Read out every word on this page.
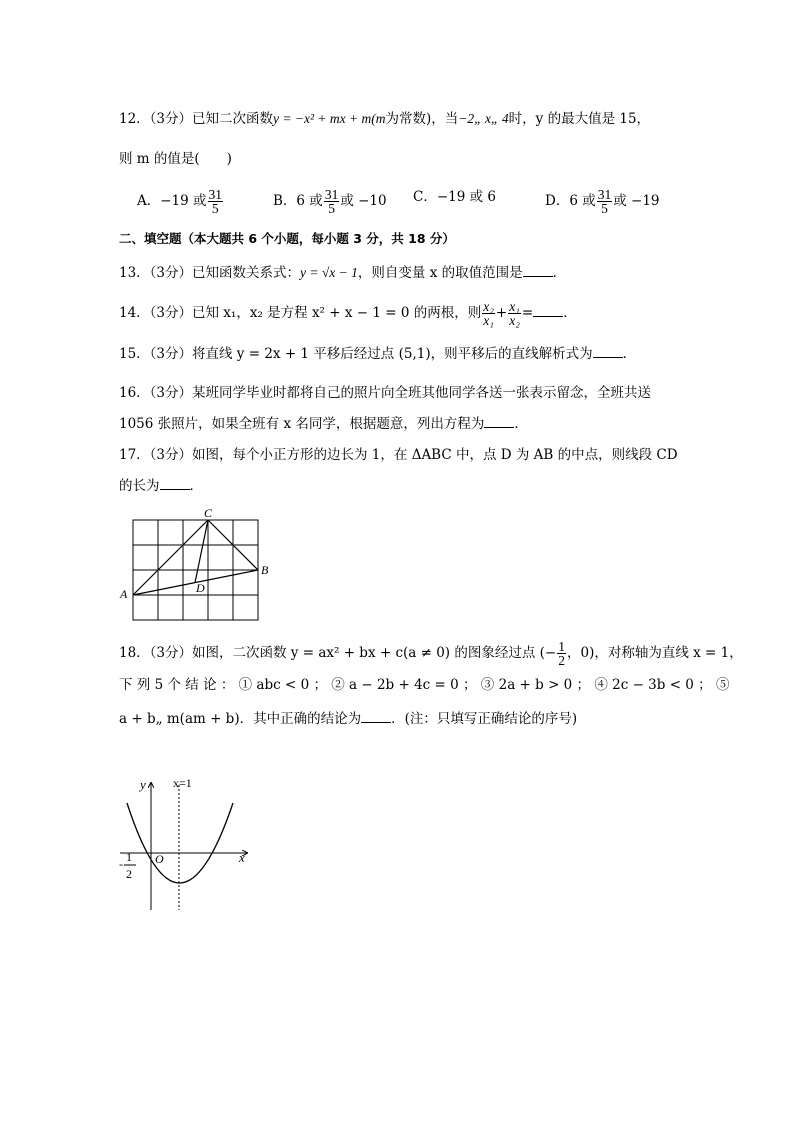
12．（3分）已知二次函数y = −x² + mx + m(m为常数)，当−2„ x„ 4时，y 的最大值是 15，
则 m 的值是(　　)
A．−19 或 $\frac{31}{5}$	B．6 或 $\frac{31}{5}$ 或 −10 C．−19 或 6	D．6 或 $\frac{31}{5}$ 或 −19
二、填空题（本大题共 6 个小题，每小题 3 分，共 18 分）
13．（3分）已知函数关系式：y = √x − 1，则自变量 x 的取值范围是 ．
14．（3分）已知 x₁，x₂ 是方程 x² + x − 1 = 0 的两根，则 $\frac{\text{x₂}}{\text{x₁}} + \frac{\text{x₁}}{\text{x₂}}$ = ．
15．（3分）将直线 y = 2x + 1 平移后经过点 (5,1)，则平移后的直线解析式为 ．
16．（3分）某班同学毕业时都将自己的照片向全班其他同学各送一张表示留念，全班共送
1056 张照片，如果全班有 x 名同学，根据题意，列出方程为 ．
17．（3分）如图，每个小正方形的边长为 1，在 ΔABC 中，点 D 为 AB 的中点，则线段 CD
的长为 ．
A
B
C
D
18．（3分）如图，二次函数 y = ax² + bx + c(a ≠ 0) 的图象经过点 (− $\frac{1}{2}$ ，0)，对称轴为直线 x = 1，
下 列 5 个 结 论 ： ① abc < 0 ； ② a − 2b + 4c = 0 ； ③ 2a + b > 0 ； ④ 2c − 3b < 0 ； ⑤
a + b„ m(am + b)．其中正确的结论为 ．(注：只填写正确结论的序号)
y
x
x=1
O
- 1
2
